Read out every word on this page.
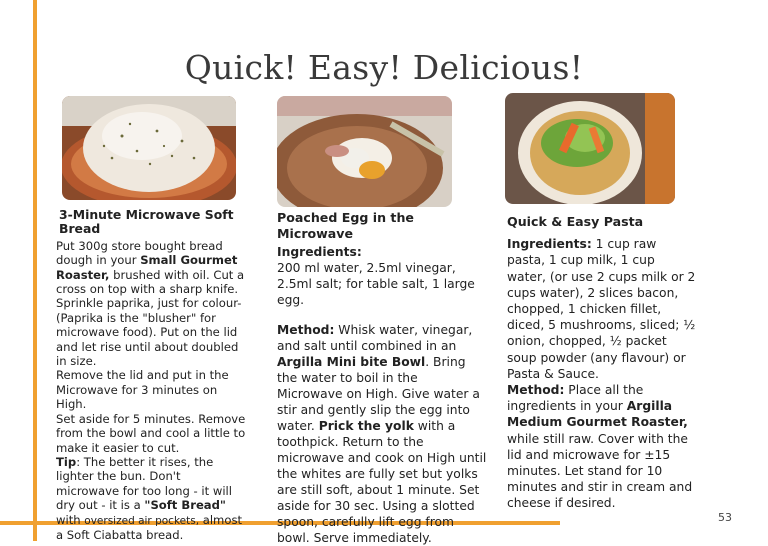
Quick! Easy! Delicious!
3-Minute Microwave Soft Bread

Put 300g store bought bread dough in your Small Gourmet Roaster, brushed with oil. Cut a cross on top with a sharp knife. Sprinkle paprika, just for colour- (Paprika is the "blusher" for microwave food). Put on the lid and let rise until about doubled in size.

Remove the lid and put in the Microwave for 3 minutes on High.

Set aside for 5 minutes. Remove from the bowl and cool a little to make it easier to cut.

Tip: The better it rises, the lighter the bun. Don't microwave for too long - it will dry out - it is a "Soft Bread" with oversized air pockets, almost a Soft Ciabatta bread.

Poached Egg in the Microwave

Ingredients:

200 ml water, 2.5ml vinegar, 2.5ml salt; for table salt, 1 large egg.

Method: Whisk water, vinegar, and salt until combined in an Argilla Mini bite Bowl. Bring the water to boil in the Microwave on High. Give water a stir and gently slip the egg into water. Prick the yolk with a toothpick. Return to the microwave and cook on High until the whites are fully set but yolks are still soft, about 1 minute. Set aside for 30 sec. Using a slotted spoon, carefully lift egg from bowl. Serve immediately.

Quick & Easy Pasta

Ingredients: 1 cup raw pasta, 1 cup milk, 1 cup water, (or use 2 cups milk or 2 cups water), 2 slices bacon, chopped, 1 chicken fillet, diced, 5 mushrooms, sliced; ½ onion, chopped, ½ packet soup powder (any flavour) or Pasta & Sauce.

Method: Place all the ingredients in your Argilla Medium Gourmet Roaster, while still raw. Cover with the lid and microwave for ±15 minutes. Let stand for 10 minutes and stir in cream and cheese if desired.

53
